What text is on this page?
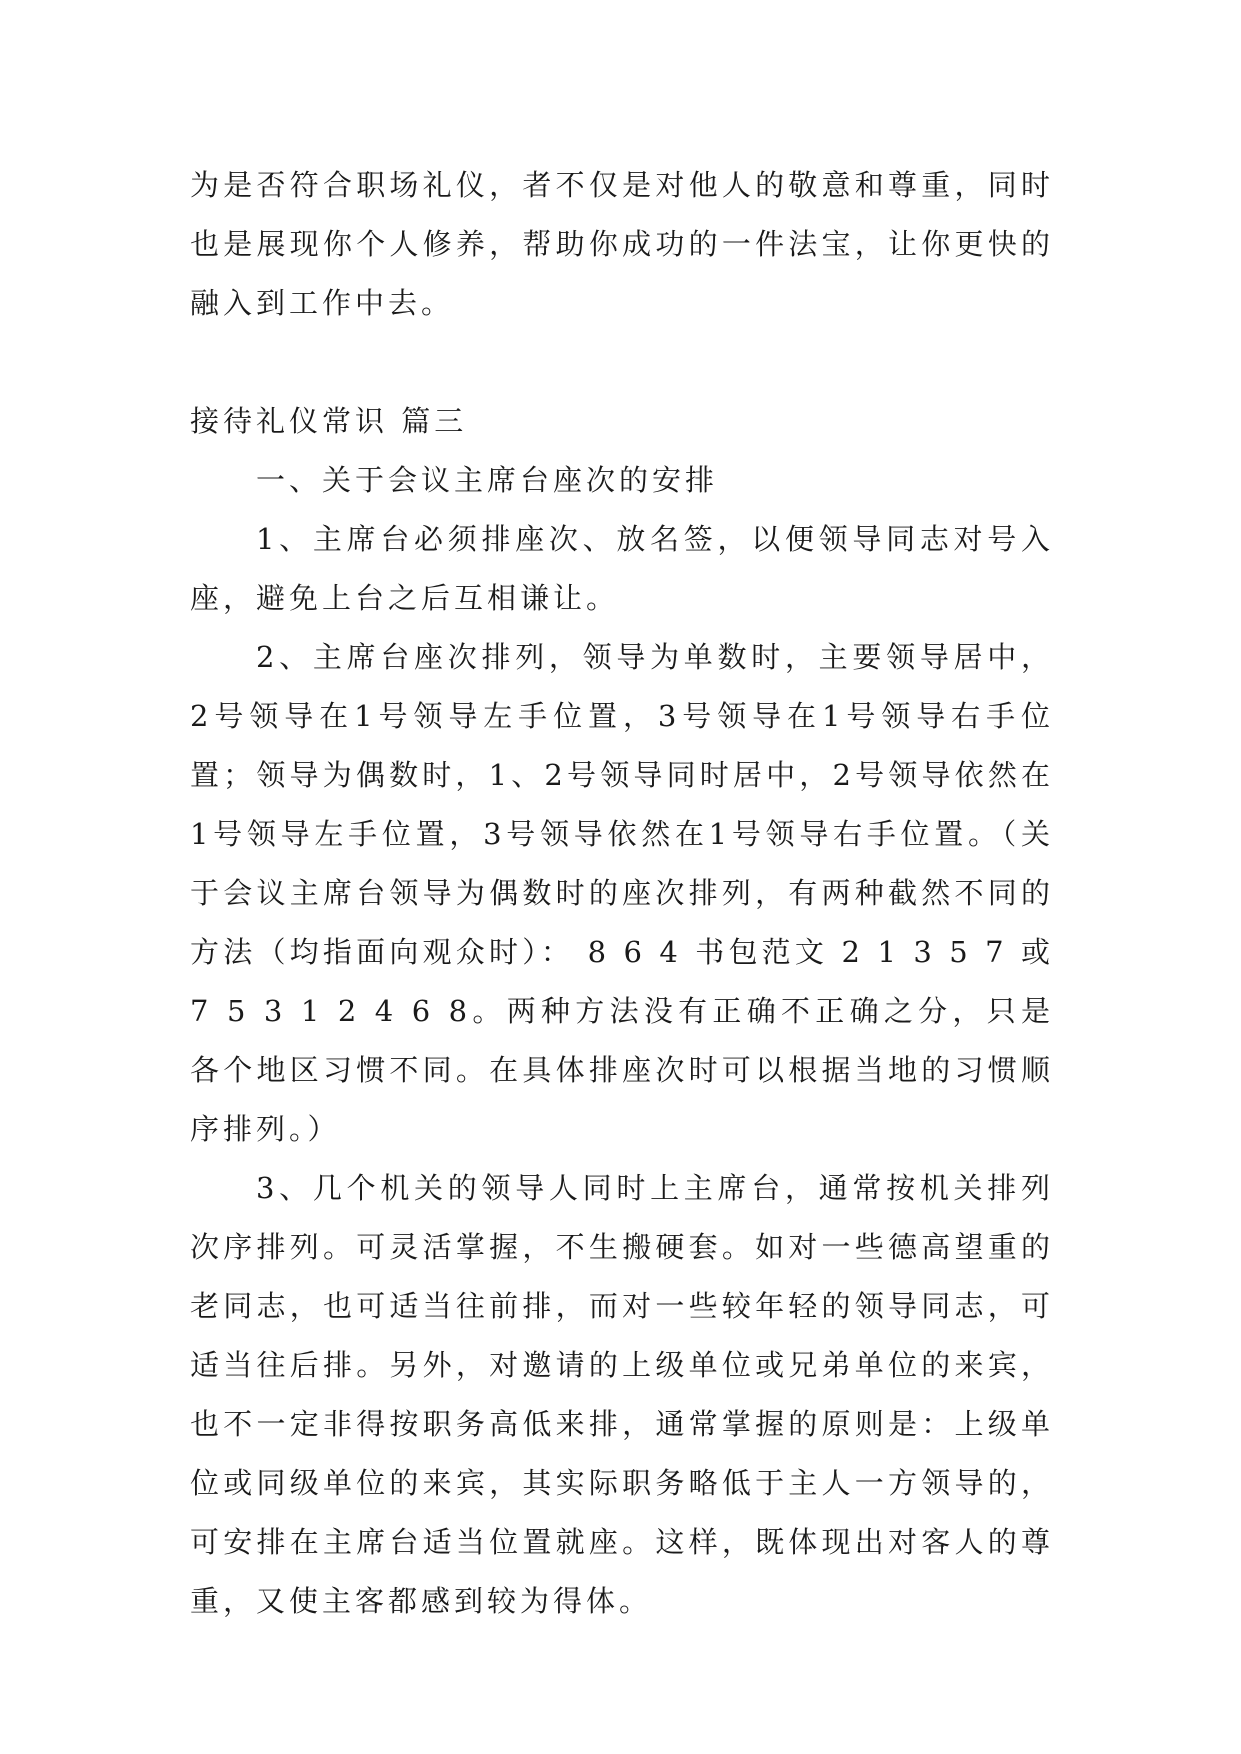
为是否符合职场礼仪，者不仅是对他人的敬意和尊重，同时也是展现你个人修养，帮助你成功的一件法宝，让你更快的融入到工作中去。

接待礼仪常识 篇三

一、关于会议主席台座次的安排

1、主席台必须排座次、放名签，以便领导同志对号入座，避免上台之后互相谦让。

2、主席台座次排列，领导为单数时，主要领导居中，2号领导在1号领导左手位置，3号领导在1号领导右手位置；领导为偶数时，1、2号领导同时居中，2号领导依然在1号领导左手位置，3号领导依然在1号领导右手位置。（关于会议主席台领导为偶数时的座次排列，有两种截然不同的方法（均指面向观众时）： 8 6 4 书包范文 2 1 3 5 7 或 7 5 3 1 2 4 6 8。两种方法没有正确不正确之分，只是各个地区习惯不同。在具体排座次时可以根据当地的习惯顺序排列。）

3、几个机关的领导人同时上主席台，通常按机关排列次序排列。可灵活掌握，不生搬硬套。如对一些德高望重的老同志，也可适当往前排，而对一些较年轻的领导同志，可适当往后排。另外，对邀请的上级单位或兄弟单位的来宾，也不一定非得按职务高低来排，通常掌握的原则是：上级单位或同级单位的来宾，其实际职务略低于主人一方领导的，可安排在主席台适当位置就座。这样，既体现出对客人的尊重，又使主客都感到较为得体。
